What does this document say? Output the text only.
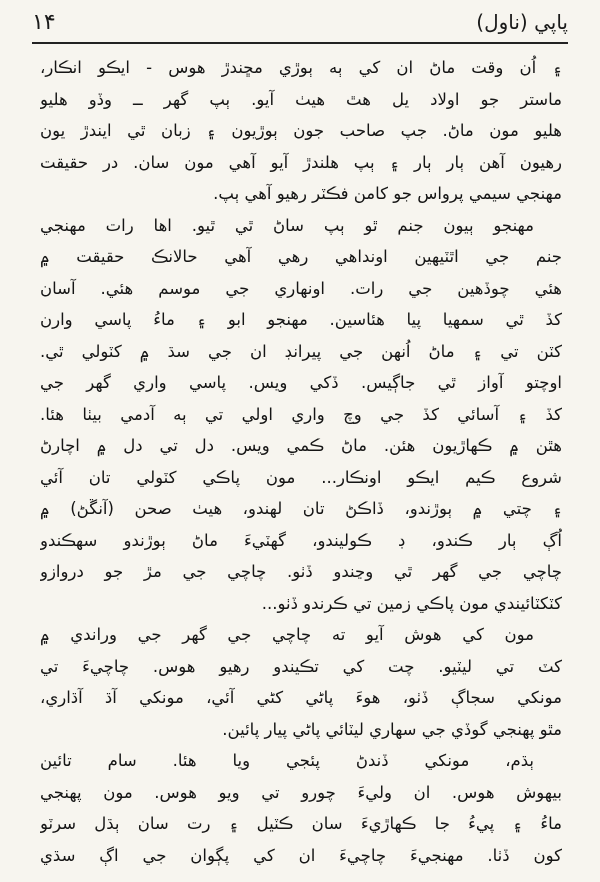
١۴	پاپي (ناول)
۽ اُن وقت ماڻ ان کي ٻه ٻوڙي مڇندڙ هوس - ايڪو انڪار،
ماستر جو اولاد يل هٿ هيٺ آيو. ٻپ گهر ــ وڏو هليو
هليو مون ماڻ. جپ صاحب جون ٻوڙيون ۽ زبان ٿي ايندڙ يون
رهيون آهن ٻار ٻار ۽ ٻپ هلندڙ آيو آهي مون سان. در حقيقت
مهنجي سيمي پرواس جو کامن فڪٽر رهيو آهي ٻپ.
مهنجو ٻيون جنم ٿو ٻپ ساڻ ٿي ٿيو. اها رات مهنجي
جنم جي اٿٽيهين اونداهي رهي آهي حالانڪ حقيقت ۾
هئي چوڏهين جي رات. اونهاري جي موسم هئي. آسان
کڏ ٿي سمهيا پيا هئاسين. مهنجو ابو ۽ ماءُ پاسي وارن
کٽن تي ۽ ماڻ اُنهن جي پيرانڊ ان جي سڌ ۾ کٽولي ٿي.
اوچتو آواز ٿي جاڳيس. ڏکي ويس. پاسي واري گهر جي
کڏ ۽ آسائي کڏ جي وچ واري اولي تي ٻه آدمي بيٺا هئا.
هٿن ۾ ڪهاڙيون هئن. ماڻ ڪمي ويس. دل تي دل ۾ اچارڻ
شروع ڪيم ايڪو اونڪار... مون پاڪي کٽولي تان آئي
۽ چتي ۾ ٻوڙندو، ڏاڪڻ تان لهندو، هيٺ صحن (آنڱڻ) ۾
اُڳ ٻار ڪندو، ڊ ڪوليندو، گهٽيءَ ماڻ ٻوڙندو سهڪندو
چاچي جي گهر ٿي وڃندو ڏٺو. چاچي جي مڙ جو دروازو
کٽکٽائيندي مون پاڪي زمين تي ڪرندو ڏٺو...
مون کي هوش آيو ته چاچي جي گهر جي وراندي ۾
کٽ تي ليٽيو. چت کي تڪيندو رهيو هوس. چاچيءَ تي
مونکي سجاڳ ڏٺو، هوءَ پاڻي کڻي آئي، مونکي آڌ آڌاري،
مٿو پهنجي گوڏي جي سهاري ليٽائي پاڻي پيار پائين.
ٻڌم، مونکي ڏندڻ پئجي ويا هئا. سام تائين
بيهوش هوس. ان وليءَ چورو تي ويو هوس. مون پهنجي
ماءُ ۽ پيءُ جا ڪهاڙيءَ سان ڪٽيل ۽ رت سان ٻڌل سرٽو
کون ڏٺا. مهنجيءَ چاچيءَ ان کي پڳوان جي اڳ سڌي
